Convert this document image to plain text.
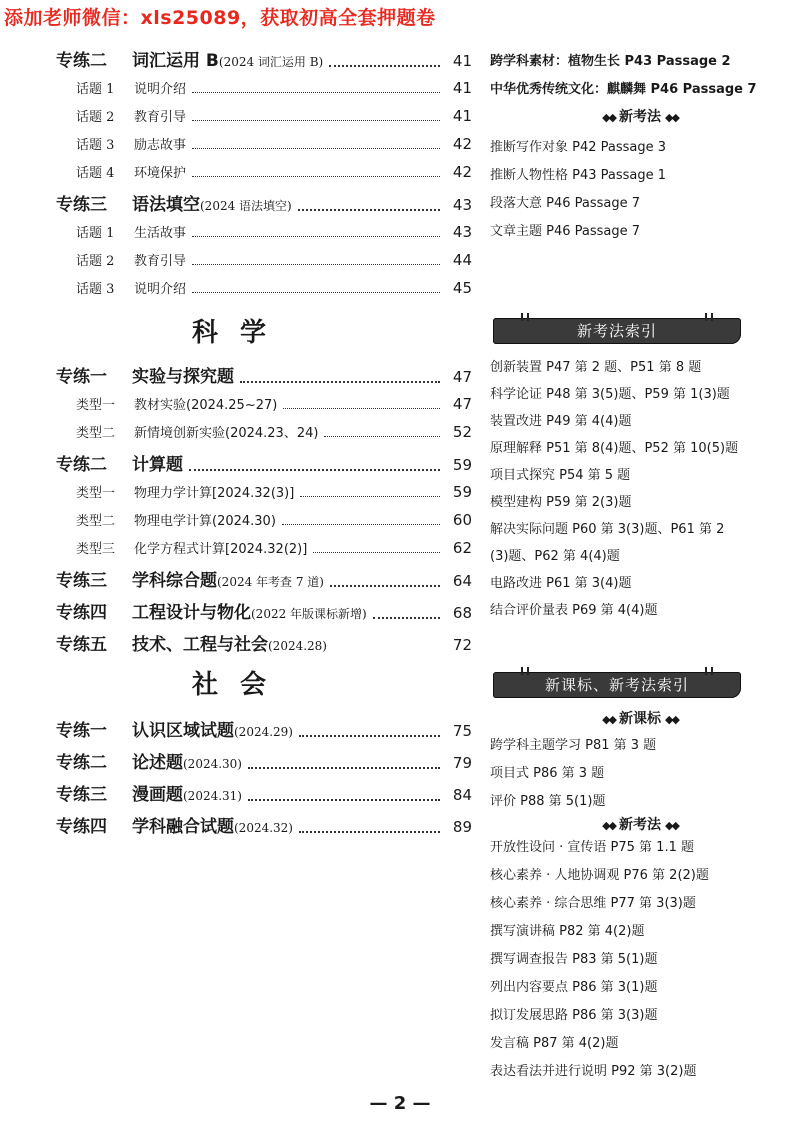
添加老师微信：xls25089，获取初高全套押题卷
专练二	词汇运用 B (2024 词汇运用 B)	41
话题 1	说明介绍	41
话题 2	教育引导	41
话题 3	励志故事	42
话题 4	环境保护	42
专练三	语法填空 (2024 语法填空)	43
话题 1	生活故事	43
话题 2	教育引导	44
话题 3	说明介绍	45
科学
专练一	实验与探究题	47
类型一	教材实验(2024.25~27)	47
类型二	新情境创新实验(2024.23、24)	52
专练二	计算题	59
类型一	物理力学计算[2024.32(3)]	59
类型二	物理电学计算(2024.30)	60
类型三	化学方程式计算[2024.32(2)]	62
专练三	学科综合题 (2024 年考查 7 道)	64
专练四	工程设计与物化 (2022 年版课标新增)	68
专练五	技术、工程与社会 (2024.28)	72
社会
专练一	认识区域试题 (2024.29)	75
专练二	论述题 (2024.30)	79
专练三	漫画题 (2024.31)	84
专练四	学科融合试题 (2024.32)	89
跨学科素材：植物生长 P43 Passage 2
中华优秀传统文化：麒麟舞 P46 Passage 7
◆◆ 新考法 ◆◆
推断写作对象 P42 Passage 3
推断人物性格 P43 Passage 1
段落大意 P46 Passage 7
文章主题 P46 Passage 7
新考法索引
创新装置 P47 第 2 题、P51 第 8 题
科学论证 P48 第 3(5)题、P59 第 1(3)题
装置改进 P49 第 4(4)题
原理解释 P51 第 8(4)题、P52 第 10(5)题
项目式探究 P54 第 5 题
模型建构 P59 第 2(3)题
解决实际问题 P60 第 3(3)题、P61 第 2
(3)题、P62 第 4(4)题
电路改进 P61 第 3(4)题
结合评价量表 P69 第 4(4)题
新课标、新考法索引
◆◆ 新课标 ◆◆
跨学科主题学习 P81 第 3 题
项目式 P86 第 3 题
评价 P88 第 5(1)题
◆◆ 新考法 ◆◆
开放性设问 · 宣传语 P75 第 1.1 题
核心素养 · 人地协调观 P76 第 2(2)题
核心素养 · 综合思维 P77 第 3(3)题
撰写演讲稿 P82 第 4(2)题
撰写调查报告 P83 第 5(1)题
列出内容要点 P86 第 3(1)题
拟订发展思路 P86 第 3(3)题
发言稿 P87 第 4(2)题
表达看法并进行说明 P92 第 3(2)题
— 2 —
